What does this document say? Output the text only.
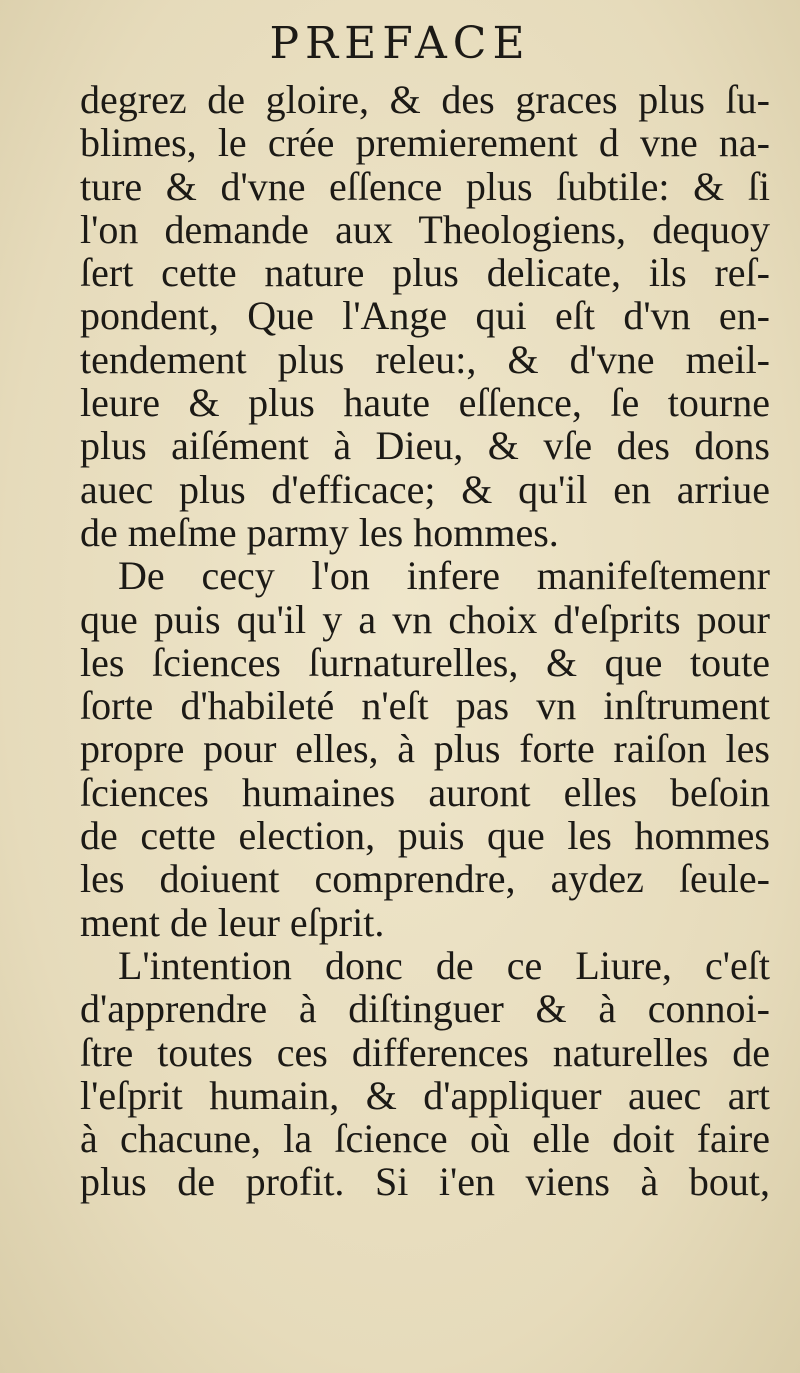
PREFACE
degrez de gloire, & des graces plus ſu-
blimes, le crée premierement d vne na-
ture & d'vne eſſence plus ſubtile: & ſi
l'on demande aux Theologiens, dequoy
ſert cette nature plus delicate, ils reſ-
pondent, Que l'Ange qui eſt d'vn en-
tendement plus releu:, & d'vne meil-
leure & plus haute eſſence, ſe tourne
plus aiſément à Dieu, & vſe des dons
auec plus d'efficace; & qu'il en arriue
de meſme parmy les hommes.
De cecy l'on infere manifeſtemenr
que puis qu'il y a vn choix d'eſprits pour
les ſciences ſurnaturelles, & que toute
ſorte d'habileté n'eſt pas vn inſtrument
propre pour elles, à plus forte raiſon les
ſciences humaines auront elles beſoin
de cette election, puis que les hommes
les doiuent comprendre, aydez ſeule-
ment de leur eſprit.
L'intention donc de ce Liure, c'eſt
d'apprendre à diſtinguer & à connoi-
ſtre toutes ces differences naturelles de
l'eſprit humain, & d'appliquer auec art
à chacune, la ſcience où elle doit faire
plus de profit. Si i'en viens à bout,
